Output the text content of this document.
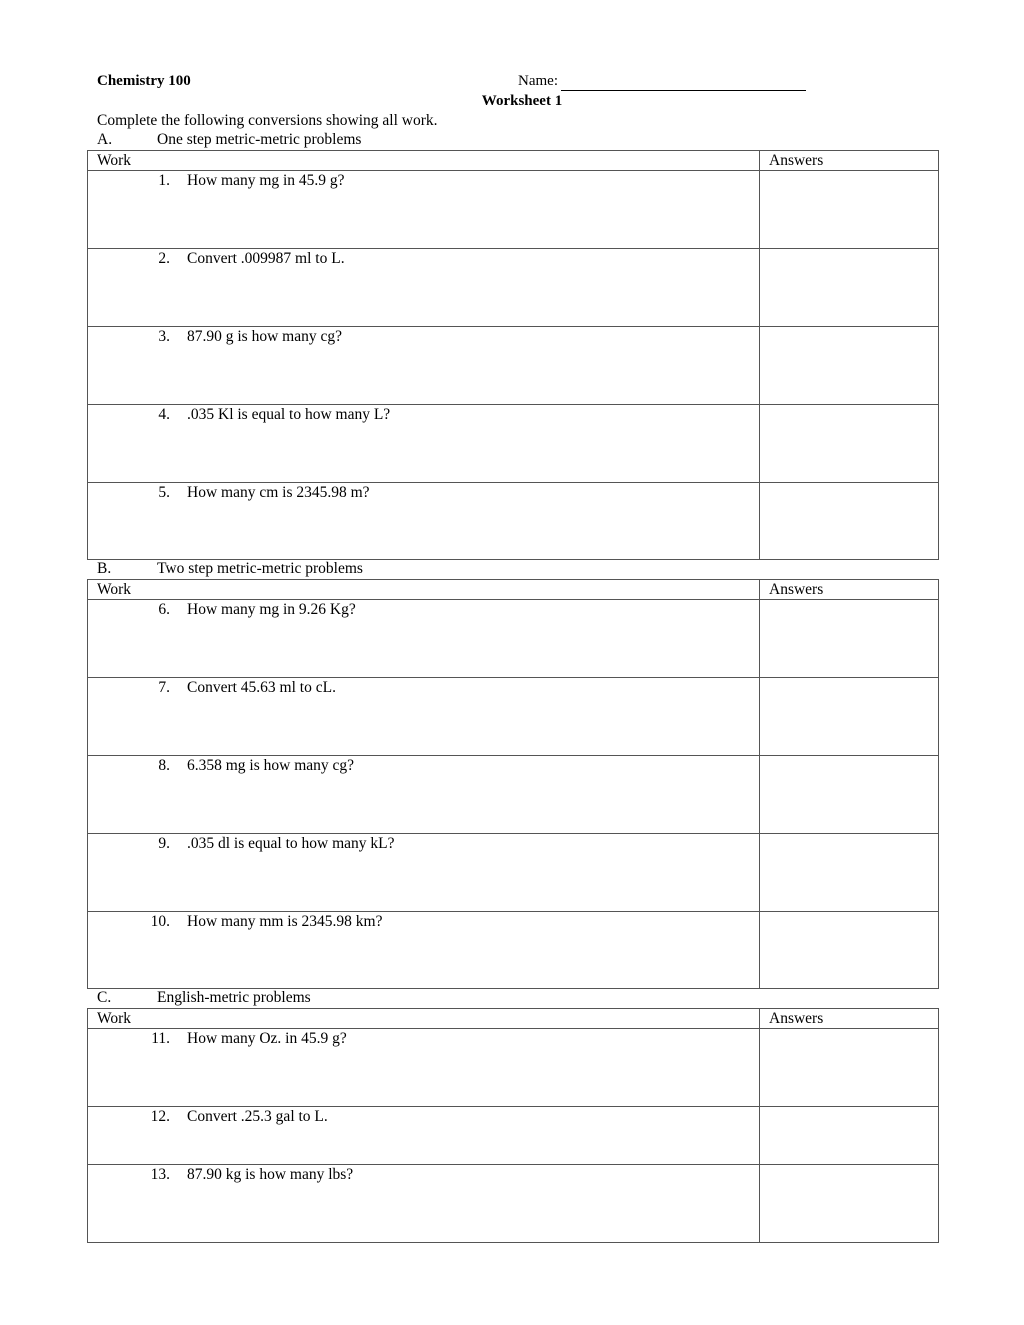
Chemistry 100	Name:
Worksheet 1
Complete the following conversions showing all work.
A.	One step metric-metric problems
Work	Answers

1. How many mg in 45.9 g?	

2. Convert .009987 ml to L.	

3. 87.90 g is how many cg?	

4. .035 Kl is equal to how many L?	

5. How many cm is 2345.98 m?	

B.	Two step metric-metric problems
Work	Answers

6. How many mg in 9.26 Kg?	

7. Convert 45.63 ml to cL.	

8. 6.358 mg is how many cg?	

9. .035 dl is equal to how many kL?	

10. How many mm is 2345.98 km?	

C.	English-metric problems
Work	Answers

11. How many Oz. in 45.9 g?	

12. Convert .25.3 gal to L.	

13. 87.90 kg is how many lbs?	
